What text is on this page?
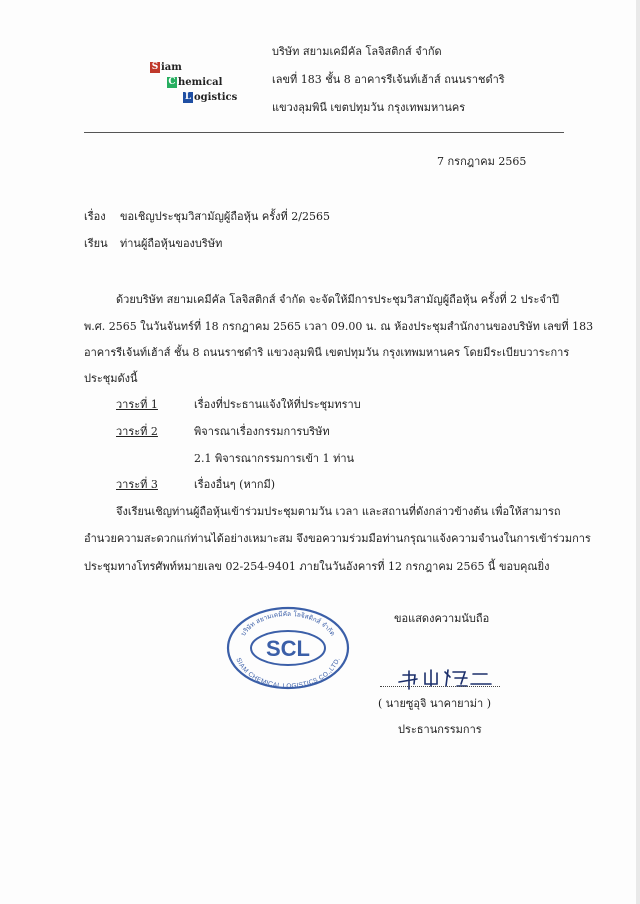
S iam
C hemical
L ogistics
บริษัท สยามเคมีคัล โลจิสติกส์ จำกัด
เลขที่ 183 ชั้น 8 อาคารรีเจ้นท์เฮ้าส์ ถนนราชดำริ
แขวงลุมพินี เขตปทุมวัน กรุงเทพมหานคร
7 กรกฎาคม 2565
เรื่อง ขอเชิญประชุมวิสามัญผู้ถือหุ้น ครั้งที่ 2/2565
เรียน ท่านผู้ถือหุ้นของบริษัท
ด้วยบริษัท สยามเคมีคัล โลจิสติกส์ จำกัด จะจัดให้มีการประชุมวิสามัญผู้ถือหุ้น ครั้งที่ 2 ประจำปี
พ.ศ. 2565 ในวันจันทร์ที่ 18 กรกฎาคม 2565 เวลา 09.00 น. ณ ห้องประชุมสำนักงานของบริษัท เลขที่ 183
อาคารรีเจ้นท์เฮ้าส์ ชั้น 8 ถนนราชดำริ แขวงลุมพินี เขตปทุมวัน กรุงเทพมหานคร โดยมีระเบียบวาระการ
ประชุมดังนี้
วาระที่ 1	เรื่องที่ประธานแจ้งให้ที่ประชุมทราบ
วาระที่ 2	พิจารณาเรื่องกรรมการบริษัท
2.1 พิจารณากรรมการเข้า 1 ท่าน
วาระที่ 3	เรื่องอื่นๆ (หากมี)
จึงเรียนเชิญท่านผู้ถือหุ้นเข้าร่วมประชุมตามวัน เวลา และสถานที่ดังกล่าวข้างต้น เพื่อให้สามารถ
อำนวยความสะดวกแก่ท่านได้อย่างเหมาะสม จึงขอความร่วมมือท่านกรุณาแจ้งความจำนงในการเข้าร่วมการ
ประชุมทางโทรศัพท์หมายเลข 02-254-9401 ภายในวันอังคารที่ 12 กรกฎาคม 2565 นี้ ขอบคุณยิ่ง
ขอแสดงความนับถือ
SCL
บริษัท สยามเคมีคัล โลจิสติกส์ จำกัด
SIAM CHEMICAL LOGISTICS CO.,LTD.
( นายซูอุจิ นาคายาม่า )
ประธานกรรมการ
